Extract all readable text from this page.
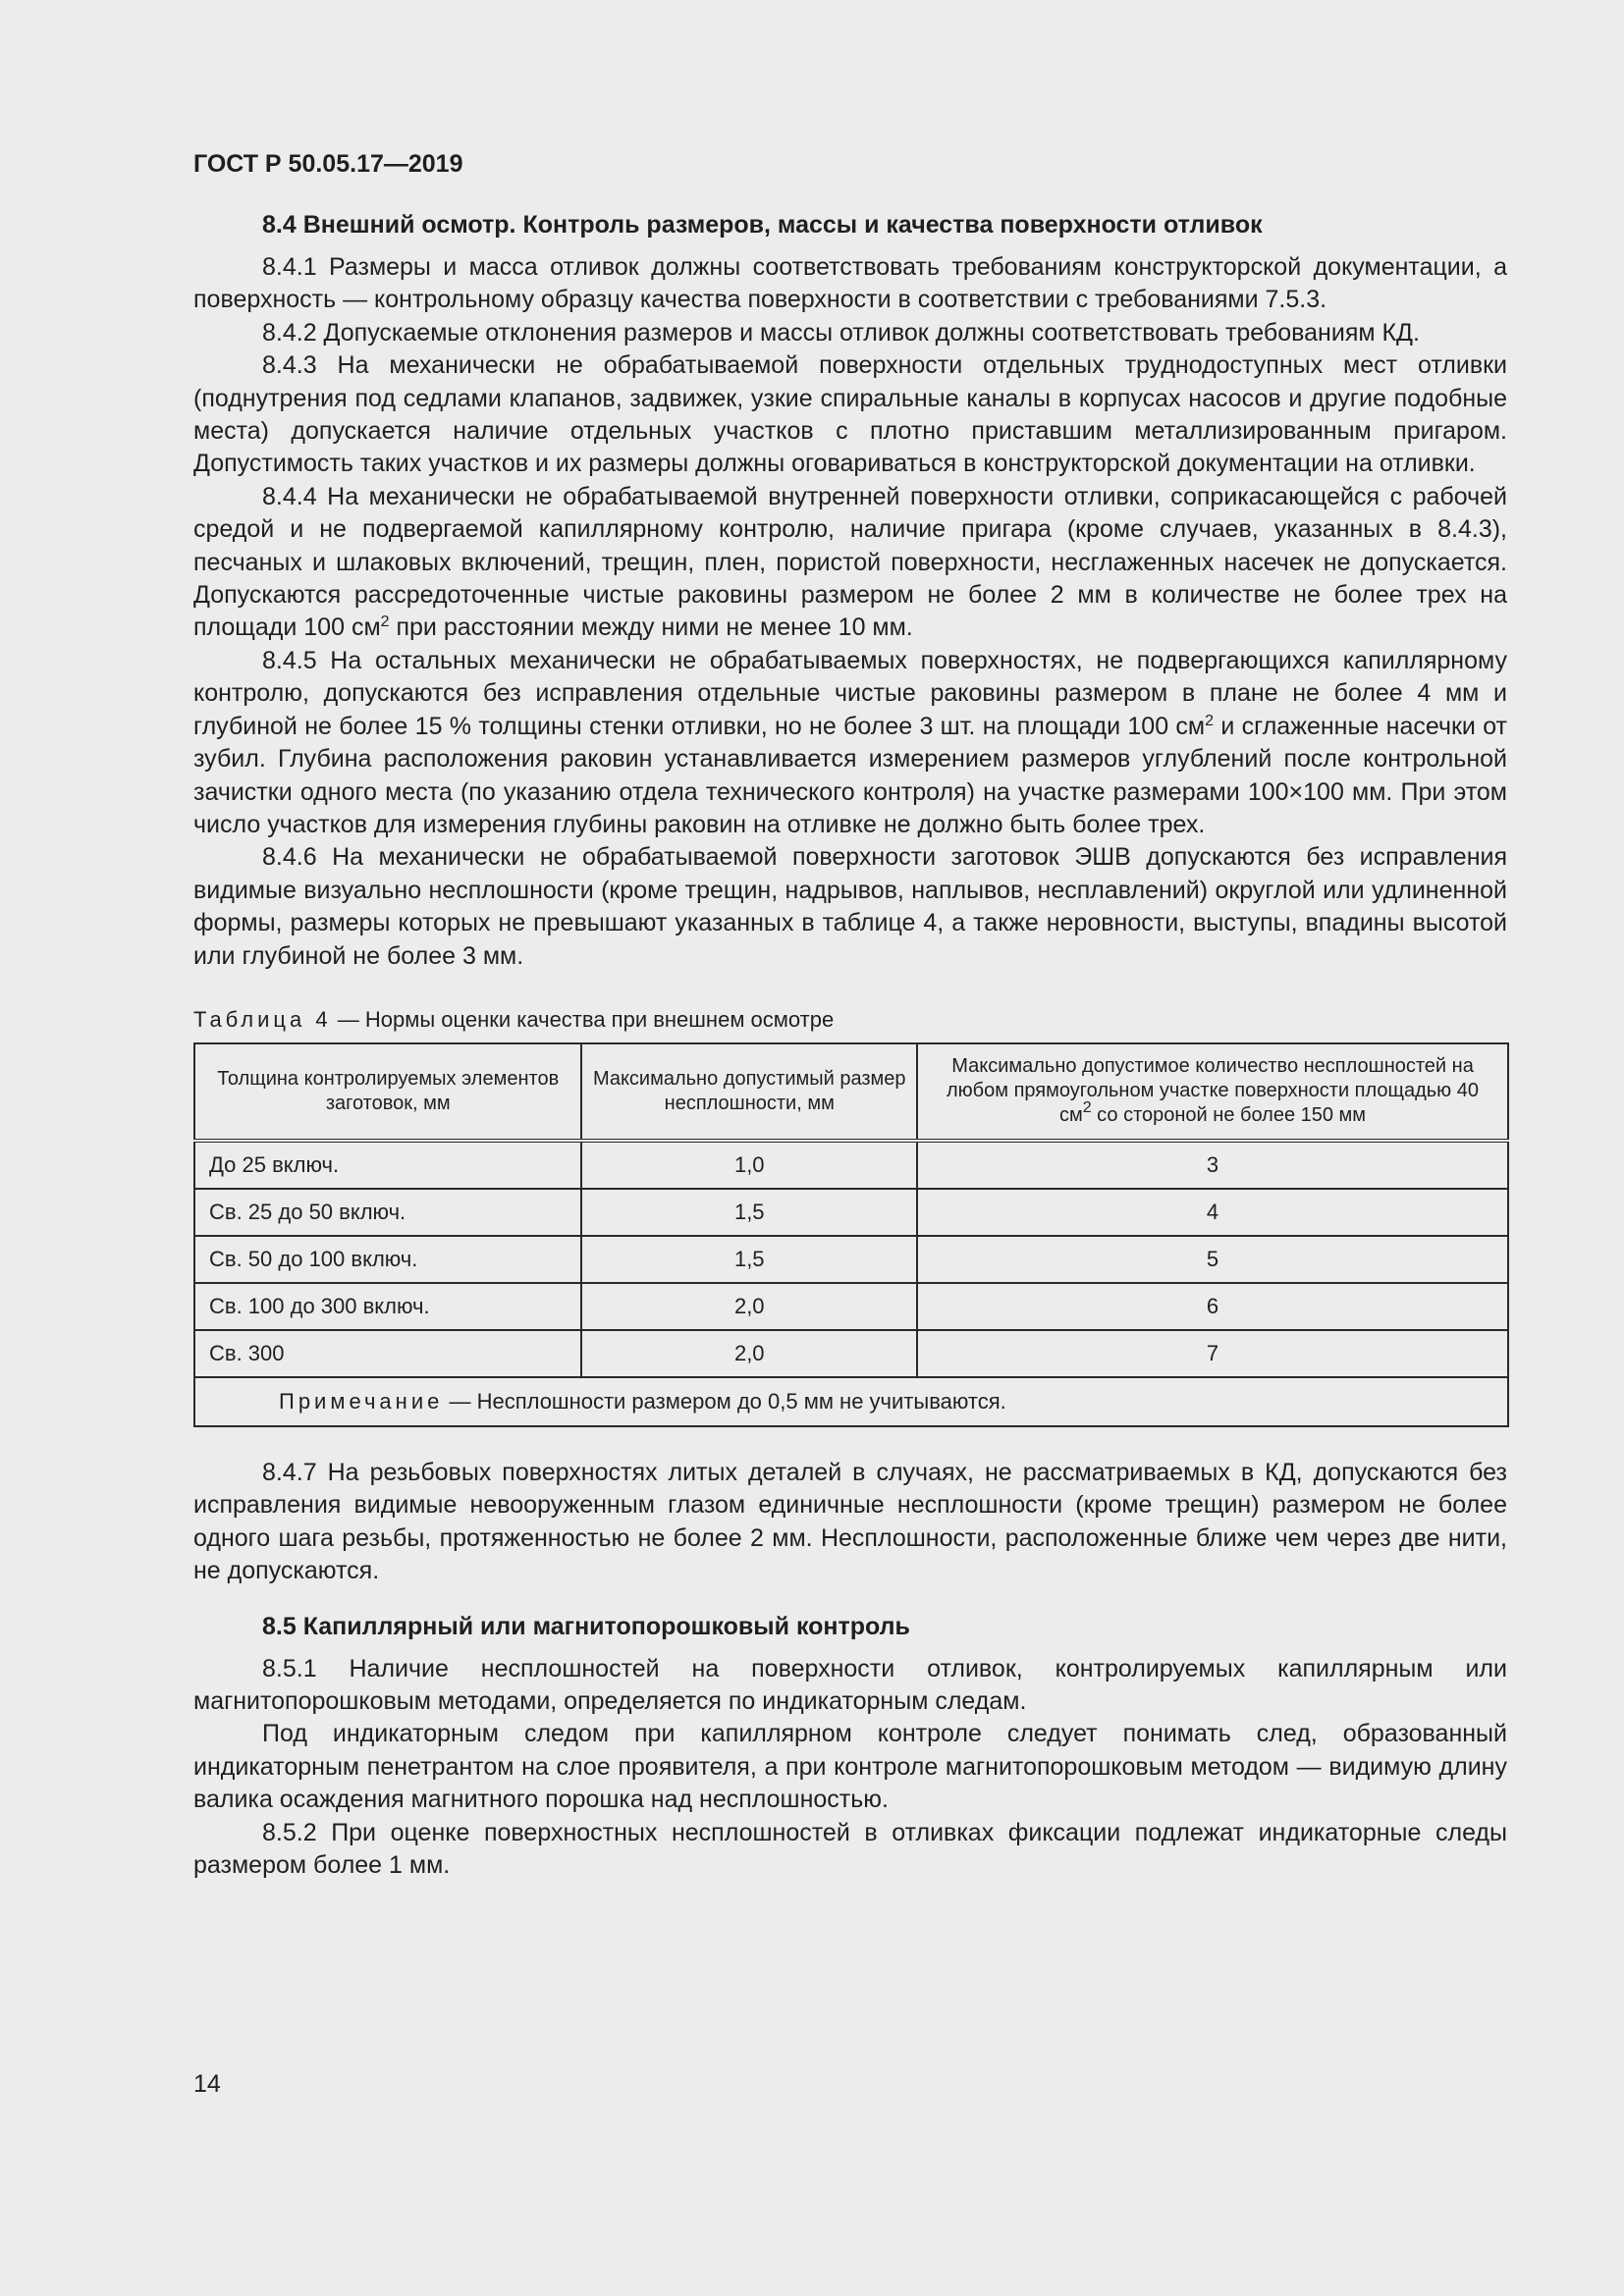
ГОСТ Р 50.05.17—2019
8.4 Внешний осмотр. Контроль размеров, массы и качества поверхности отливок

8.4.1 Размеры и масса отливок должны соответствовать требованиям конструкторской документации, а поверхность — контрольному образцу качества поверхности в соответствии с требованиями 7.5.3.

8.4.2 Допускаемые отклонения размеров и массы отливок должны соответствовать требованиям КД.

8.4.3 На механически не обрабатываемой поверхности отдельных труднодоступных мест отливки (поднутрения под седлами клапанов, задвижек, узкие спиральные каналы в корпусах насосов и другие подобные места) допускается наличие отдельных участков с плотно приставшим металлизированным пригаром. Допустимость таких участков и их размеры должны оговариваться в конструкторской документации на отливки.

8.4.4 На механически не обрабатываемой внутренней поверхности отливки, соприкасающейся с рабочей средой и не подвергаемой капиллярному контролю, наличие пригара (кроме случаев, указанных в 8.4.3), песчаных и шлаковых включений, трещин, плен, пористой поверхности, несглаженных насечек не допускается. Допускаются рассредоточенные чистые раковины размером не более 2 мм в количестве не более трех на площади 100 $см^2$ при расстоянии между ними не менее 10 мм.

8.4.5 На остальных механически не обрабатываемых поверхностях, не подвергающихся капиллярному контролю, допускаются без исправления отдельные чистые раковины размером в плане не более 4 мм и глубиной не более 15 % толщины стенки отливки, но не более 3 шт. на площади 100 $см^2$ и сглаженные насечки от зубил. Глубина расположения раковин устанавливается измерением размеров углублений после контрольной зачистки одного места (по указанию отдела технического контроля) на участке размерами 100×100 мм. При этом число участков для измерения глубины раковин на отливке не должно быть более трех.

8.4.6 На механически не обрабатываемой поверхности заготовок ЭШВ допускаются без исправления видимые визуально несплошности (кроме трещин, надрывов, наплывов, несплавлений) округлой или удлиненной формы, размеры которых не превышают указанных в таблице 4, а также неровности, выступы, впадины высотой или глубиной не более 3 мм.

Таблица 4 — Нормы оценки качества при внешнем осмотре
Толщина контролируемых элементов заготовок, мм	Максимально допустимый размер несплошности, мм	Максимально допустимое количество несплошностей на любом прямоугольном участке поверхности площадью 40 $см^2$ со стороной не более 150 мм
До 25 включ.	1,0	3
Св. 25 до 50 включ.	1,5	4
Св. 50 до 100 включ.	1,5	5
Св. 100 до 300 включ.	2,0	6
Св. 300	2,0	7
Примечание — Несплошности размером до 0,5 мм не учитываются.		

8.4.7 На резьбовых поверхностях литых деталей в случаях, не рассматриваемых в КД, допускаются без исправления видимые невооруженным глазом единичные несплошности (кроме трещин) размером не более одного шага резьбы, протяженностью не более 2 мм. Несплошности, расположенные ближе чем через две нити, не допускаются.

8.5 Капиллярный или магнитопорошковый контроль

8.5.1 Наличие несплошностей на поверхности отливок, контролируемых капиллярным или магнитопорошковым методами, определяется по индикаторным следам.

Под индикаторным следом при капиллярном контроле следует понимать след, образованный индикаторным пенетрантом на слое проявителя, а при контроле магнитопорошковым методом — видимую длину валика осаждения магнитного порошка над несплошностью.

8.5.2 При оценке поверхностных несплошностей в отливках фиксации подлежат индикаторные следы размером более 1 мм.

14
